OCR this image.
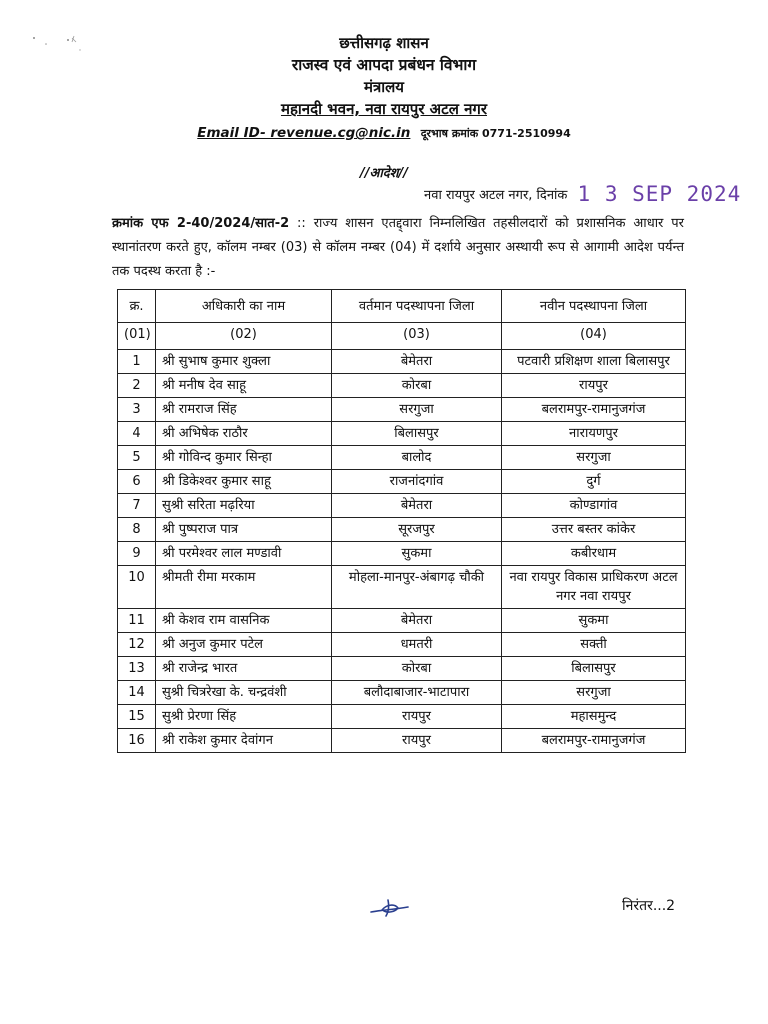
छत्तीसगढ़ शासन
राजस्व एवं आपदा प्रबंधन विभाग
मंत्रालय
महानदी भवन, नवा रायपुर अटल नगर
Email ID- revenue.cg@nic.in दूरभाष क्रमांक 0771-2510994
//आदेश//
नवा रायपुर अटल नगर, दिनांक 1 3 SEP 2024
क्रमांक एफ 2-40/2024/सात-2 :: राज्य शासन एतद्द्वारा निम्नलिखित तहसीलदारों को प्रशासनिक आधार पर स्थानांतरण करते हुए, कॉलम नम्बर (03) से कॉलम नम्बर (04) में दर्शाये अनुसार अस्थायी रूप से आगामी आदेश पर्यन्त तक पदस्थ करता है :-
क्र.	अधिकारी का नाम	वर्तमान पदस्थापना जिला	नवीन पदस्थापना जिला
(01)	(02)	(03)	(04)
1	श्री सुभाष कुमार शुक्ला	बेमेतरा	पटवारी प्रशिक्षण शाला बिलासपुर
2	श्री मनीष देव साहू	कोरबा	रायपुर
3	श्री रामराज सिंह	सरगुजा	बलरामपुर-रामानुजगंज
4	श्री अभिषेक राठौर	बिलासपुर	नारायणपुर
5	श्री गोविन्द कुमार सिन्हा	बालोद	सरगुजा
6	श्री डिकेश्वर कुमार साहू	राजनांदगांव	दुर्ग
7	सुश्री सरिता मढ़रिया	बेमेतरा	कोण्डागांव
8	श्री पुष्पराज पात्र	सूरजपुर	उत्तर बस्तर कांकेर
9	श्री परमेश्वर लाल मण्डावी	सुकमा	कबीरधाम
10	श्रीमती रीमा मरकाम	मोहला-मानपुर-अंबागढ़ चौकी	नवा रायपुर विकास प्राधिकरण अटल नगर नवा रायपुर
11	श्री केशव राम वासनिक	बेमेतरा	सुकमा
12	श्री अनुज कुमार पटेल	धमतरी	सक्ती
13	श्री राजेन्द्र भारत	कोरबा	बिलासपुर
14	सुश्री चित्ररेखा के. चन्द्रवंशी	बलौदाबाजार-भाटापारा	सरगुजा
15	सुश्री प्रेरणा सिंह	रायपुर	महासमुन्द
16	श्री राकेश कुमार देवांगन	रायपुर	बलरामपुर-रामानुजगंज
निरंतर...2
